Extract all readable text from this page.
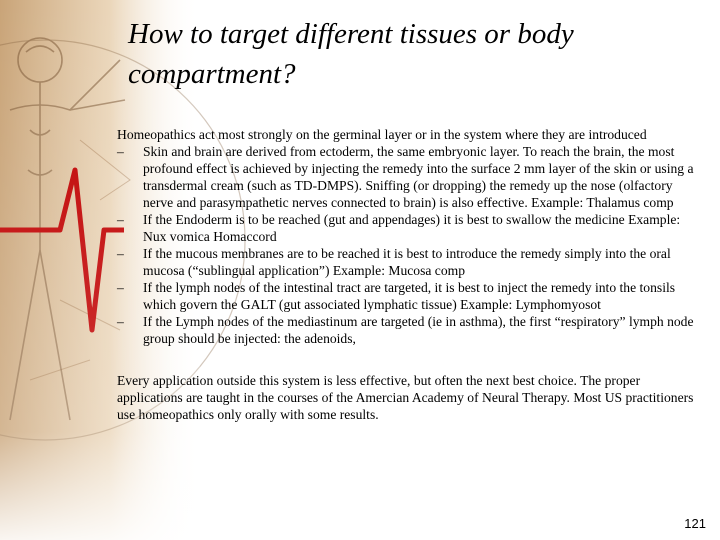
How to target different tissues or body compartment?

Homeopathics act most strongly on the germinal layer or in the system where they are introduced

–	Skin and brain are derived from ectoderm, the same embryonic layer. To reach the brain, the most profound effect is achieved by injecting the remedy into the surface 2 mm layer of the skin or using a transdermal cream (such as TD-DMPS). Sniffing (or dropping) the remedy up the nose (olfactory nerve and parasympathetic nerves connected to brain) is also effective. Example: Thalamus comp
–	If the Endoderm is to be reached (gut and appendages) it is best to swallow the medicine Example: Nux vomica Homaccord
–	If the mucous membranes are to be reached it is best to introduce the remedy simply into the oral mucosa (“sublingual application”) Example: Mucosa comp
–	If the lymph nodes of the intestinal tract are targeted, it is best to inject the remedy into the tonsils which govern the GALT (gut associated lymphatic tissue) Example: Lymphomyosot
–	If the Lymph nodes of the mediastinum are targeted (ie in asthma), the first “respiratory” lymph node group should be injected: the adenoids,

Every application outside this system is less effective, but often the next best choice. The proper applications are taught in the courses of the Amercian Academy of Neural Therapy. Most US practitioners use homeopathics only orally with some results.

121
